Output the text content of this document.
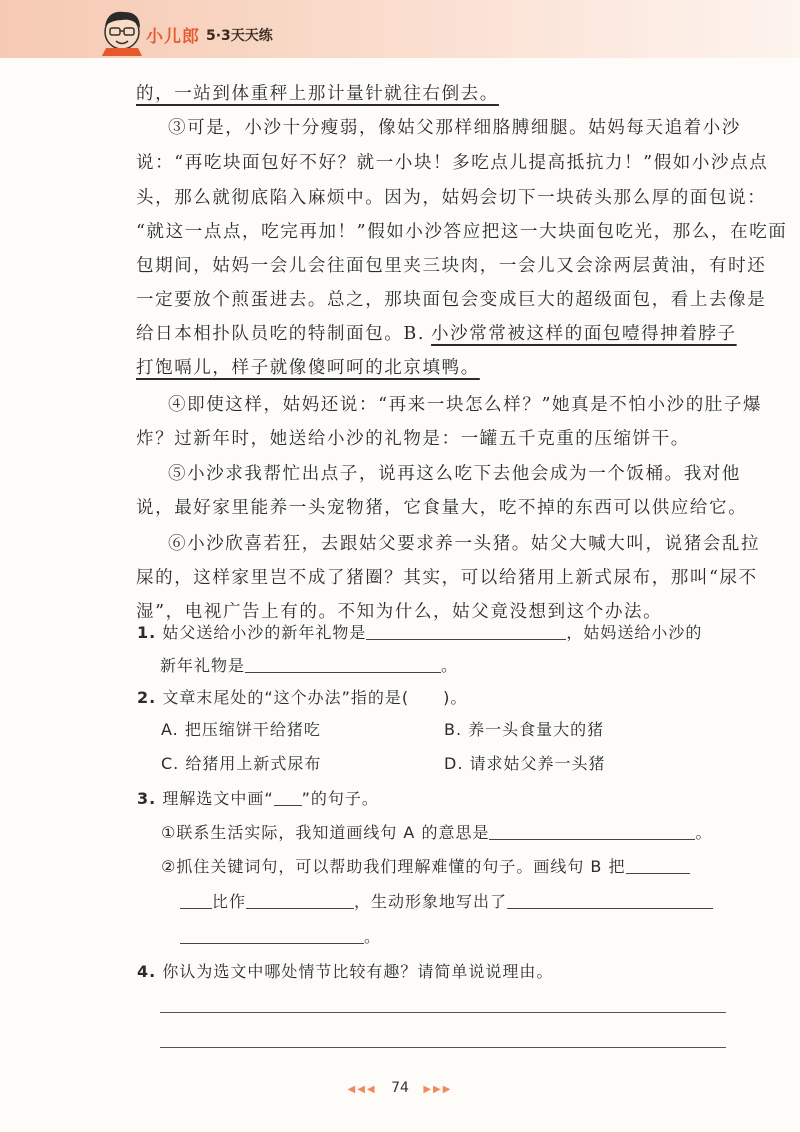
小儿郎 5·3天天练
的，一站到体重秤上那计量针就往右倒去。
③可是，小沙十分瘦弱，像姑父那样细胳膊细腿。姑妈每天追着小沙
说：“再吃块面包好不好？就一小块！多吃点儿提高抵抗力！”假如小沙点点
头，那么就彻底陷入麻烦中。因为，姑妈会切下一块砖头那么厚的面包说：
“就这一点点，吃完再加！”假如小沙答应把这一大块面包吃光，那么，在吃面
包期间，姑妈一会儿会往面包里夹三块肉，一会儿又会涂两层黄油，有时还
一定要放个煎蛋进去。总之，那块面包会变成巨大的超级面包，看上去像是
给日本相扑队员吃的特制面包。B. 小沙常常被这样的面包噎得抻着脖子
打饱嗝儿，样子就像傻呵呵的北京填鸭。
④即使这样，姑妈还说：“再来一块怎么样？”她真是不怕小沙的肚子爆
炸？过新年时，她送给小沙的礼物是：一罐五千克重的压缩饼干。
⑤小沙求我帮忙出点子，说再这么吃下去他会成为一个饭桶。我对他
说，最好家里能养一头宠物猪，它食量大，吃不掉的东西可以供应给它。
⑥小沙欣喜若狂，去跟姑父要求养一头猪。姑父大喊大叫，说猪会乱拉
屎的，这样家里岂不成了猪圈？其实，可以给猪用上新式尿布，那叫“尿不
湿”，电视广告上有的。不知为什么，姑父竟没想到这个办法。
1. 姑父送给小沙的新年礼物是	，姑妈送给小沙的
新年礼物是	。
2. 文章末尾处的“这个办法”指的是(　　)。
A. 把压缩饼干给猪吃	B. 养一头食量大的猪
C. 给猪用上新式尿布	D. 请求姑父养一头猪
3. 理解选文中画“ ”的句子。
①联系生活实际，我知道画线句 A 的意思是	。
②抓住关键词句，可以帮助我们理解难懂的句子。画线句 B 把
比作	，生动形象地写出了
。
4. 你认为选文中哪处情节比较有趣？请简单说说理由。
◀◀◀ 74 ▶▶▶
